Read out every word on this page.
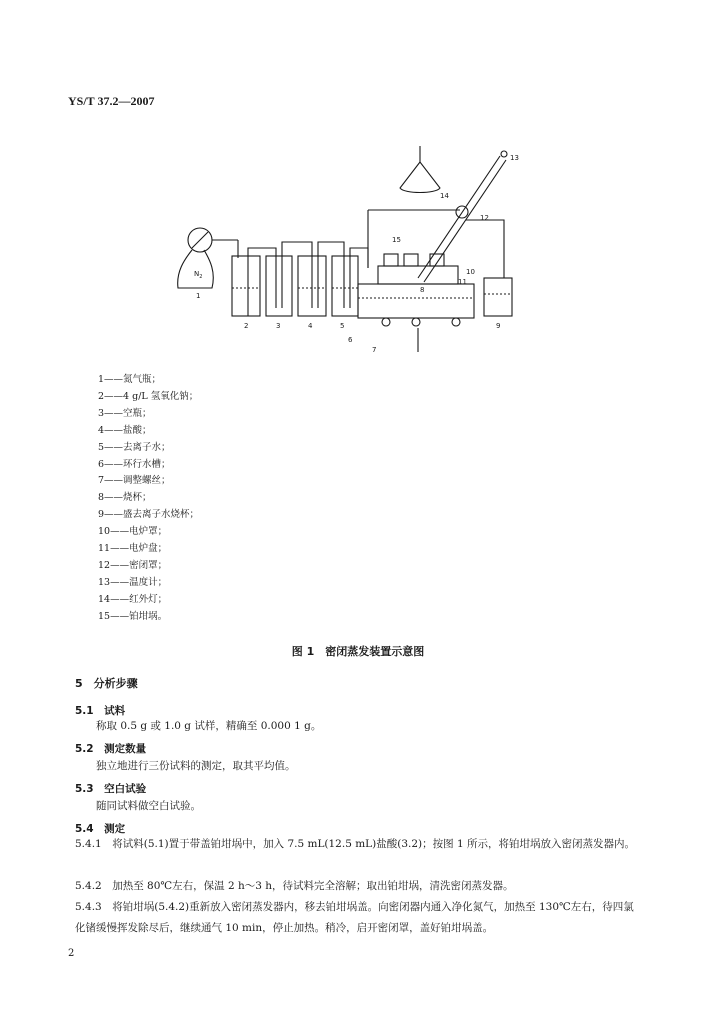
YS/T 37.2—2007
$N_2$
1
2	3	4	5
6
7
8
9
10
11
12
13
14
15
1——氮气瓶；
2——4 g/L 氢氧化钠；
3——空瓶；
4——盐酸；
5——去离子水；
6——环行水槽；
7——调整螺丝；
8——烧杯；
9——盛去离子水烧杯；
10——电炉罩；
11——电炉盘；
12——密闭罩；
13——温度计；
14——红外灯；
15——铂坩埚。
图 1　密闭蒸发装置示意图
5　分析步骤
5.1　试料
称取 0.5 g 或 1.0 g 试样，精确至 0.000 1 g。
5.2　测定数量
独立地进行三份试料的测定，取其平均值。
5.3　空白试验
随同试料做空白试验。
5.4　测定
5.4.1　将试料(5.1)置于带盖铂坩埚中，加入 7.5 mL(12.5 mL)盐酸(3.2)；按图 1 所示，将铂坩埚放入密闭蒸发器内。
5.4.2　加热至 80℃左右，保温 2 h～3 h，待试料完全溶解；取出铂坩埚，清洗密闭蒸发器。
5.4.3　将铂坩埚(5.4.2)重新放入密闭蒸发器内，移去铂坩埚盖。向密闭器内通入净化氮气，加热至 130℃左右，待四氯化锗缓慢挥发除尽后，继续通气 10 min，停止加热。稍冷，启开密闭罩，盖好铂坩埚盖。
2
